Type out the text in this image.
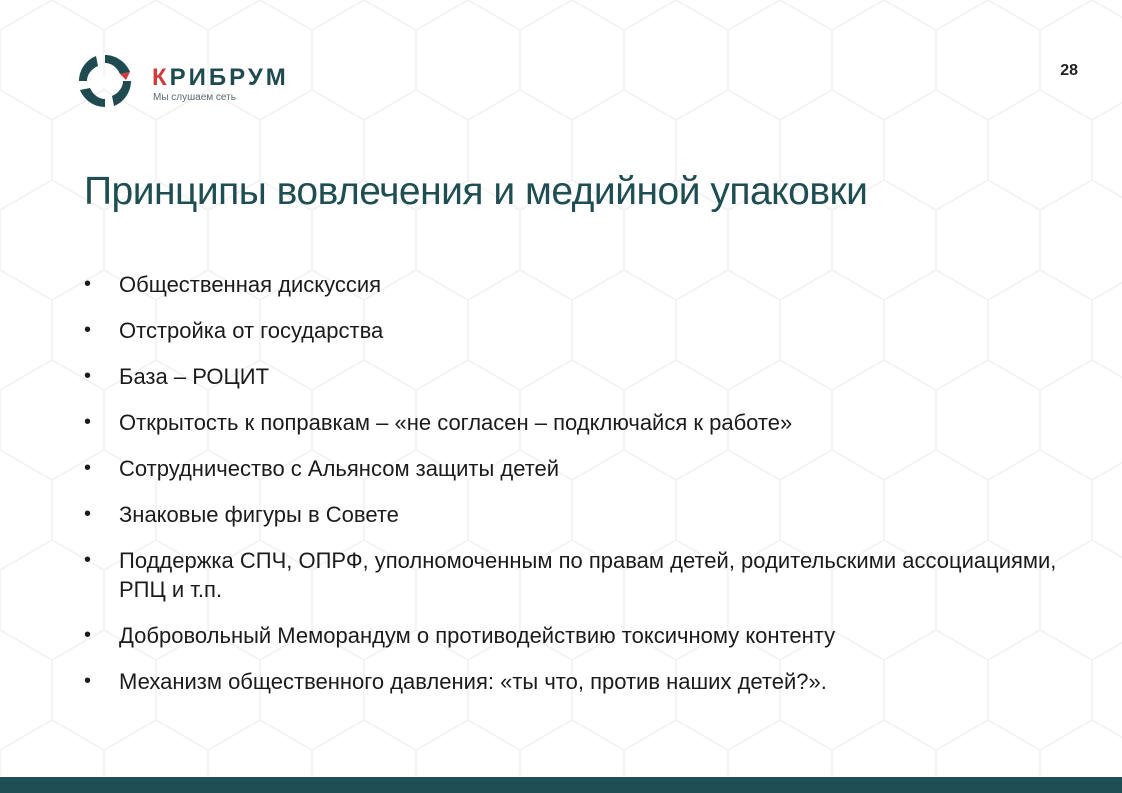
КРИБРУМ
Мы слушаем сеть
28
Принципы вовлечения и медийной упаковки
• Общественная дискуссия
• Отстройка от государства
• База – РОЦИТ
• Открытость к поправкам – «не согласен – подключайся к работе»
• Сотрудничество с Альянсом защиты детей
• Знаковые фигуры в Совете
• Поддержка СПЧ, ОПРФ, уполномоченным по правам детей, родительскими ассоциациями, РПЦ и т.п.
• Добровольный Меморандум о противодействию токсичному контенту
• Механизм общественного давления: «ты что, против наших детей?».
